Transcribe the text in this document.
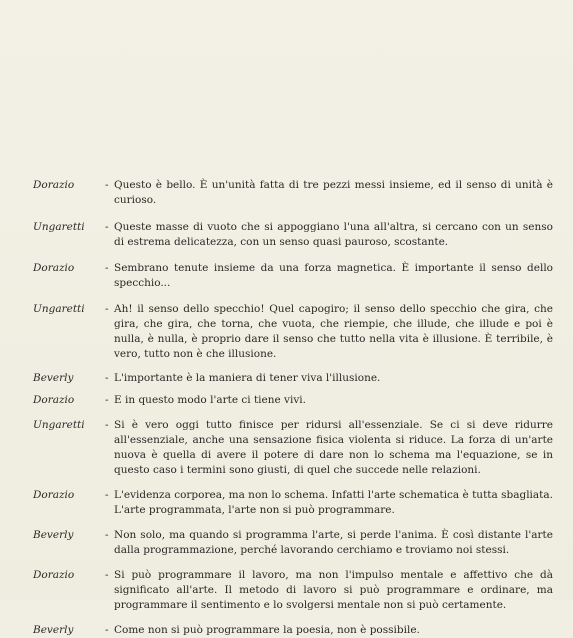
Dorazio	- Questo è bello. È un'unità fatta di tre pezzi messi insieme, ed il senso di unità è curioso.
Ungaretti	- Queste masse di vuoto che si appoggiano l'una all'altra, si cercano con un senso di estrema delicatezza, con un senso quasi pauroso, scostante.
Dorazio	- Sembrano tenute insieme da una forza magnetica. È importante il senso dello specchio...
Ungaretti	- Ah! il senso dello specchio! Quel capogiro; il senso dello specchio che gira, che gira, che gira, che torna, che vuota, che riempie, che illude, che illude e poi è nulla, è nulla, è proprio dare il senso che tutto nella vita è illusione. È terribile, è vero, tutto non è che illusione.
Beverly	- L'importante è la maniera di tener viva l'illusione.
Dorazio	- E in questo modo l'arte ci tiene vivi.
Ungaretti	- Si è vero oggi tutto finisce per ridursi all'essenziale. Se ci si deve ridurre all'essenziale, anche una sensazione fisica violenta si riduce. La forza di un'arte nuova è quella di avere il potere di dare non lo schema ma l'equazione, se in questo caso i termini sono giusti, di quel che succede nelle relazioni.
Dorazio	- L'evidenza corporea, ma non lo schema. Infatti l'arte schematica è tutta sbagliata. L'arte programmata, l'arte non si può programmare.
Beverly	- Non solo, ma quando si programma l'arte, si perde l'anima. È così distante l'arte dalla programmazione, perché lavorando cerchiamo e troviamo noi stessi.
Dorazio	- Si può programmare il lavoro, ma non l'impulso mentale e affettivo che dà significato all'arte. Il metodo di lavoro si può programmare e ordinare, ma programmare il sentimento e lo svolgersi mentale non si può certamente.
Beverly	- Come non si può programmare la poesia, non è possibile.
